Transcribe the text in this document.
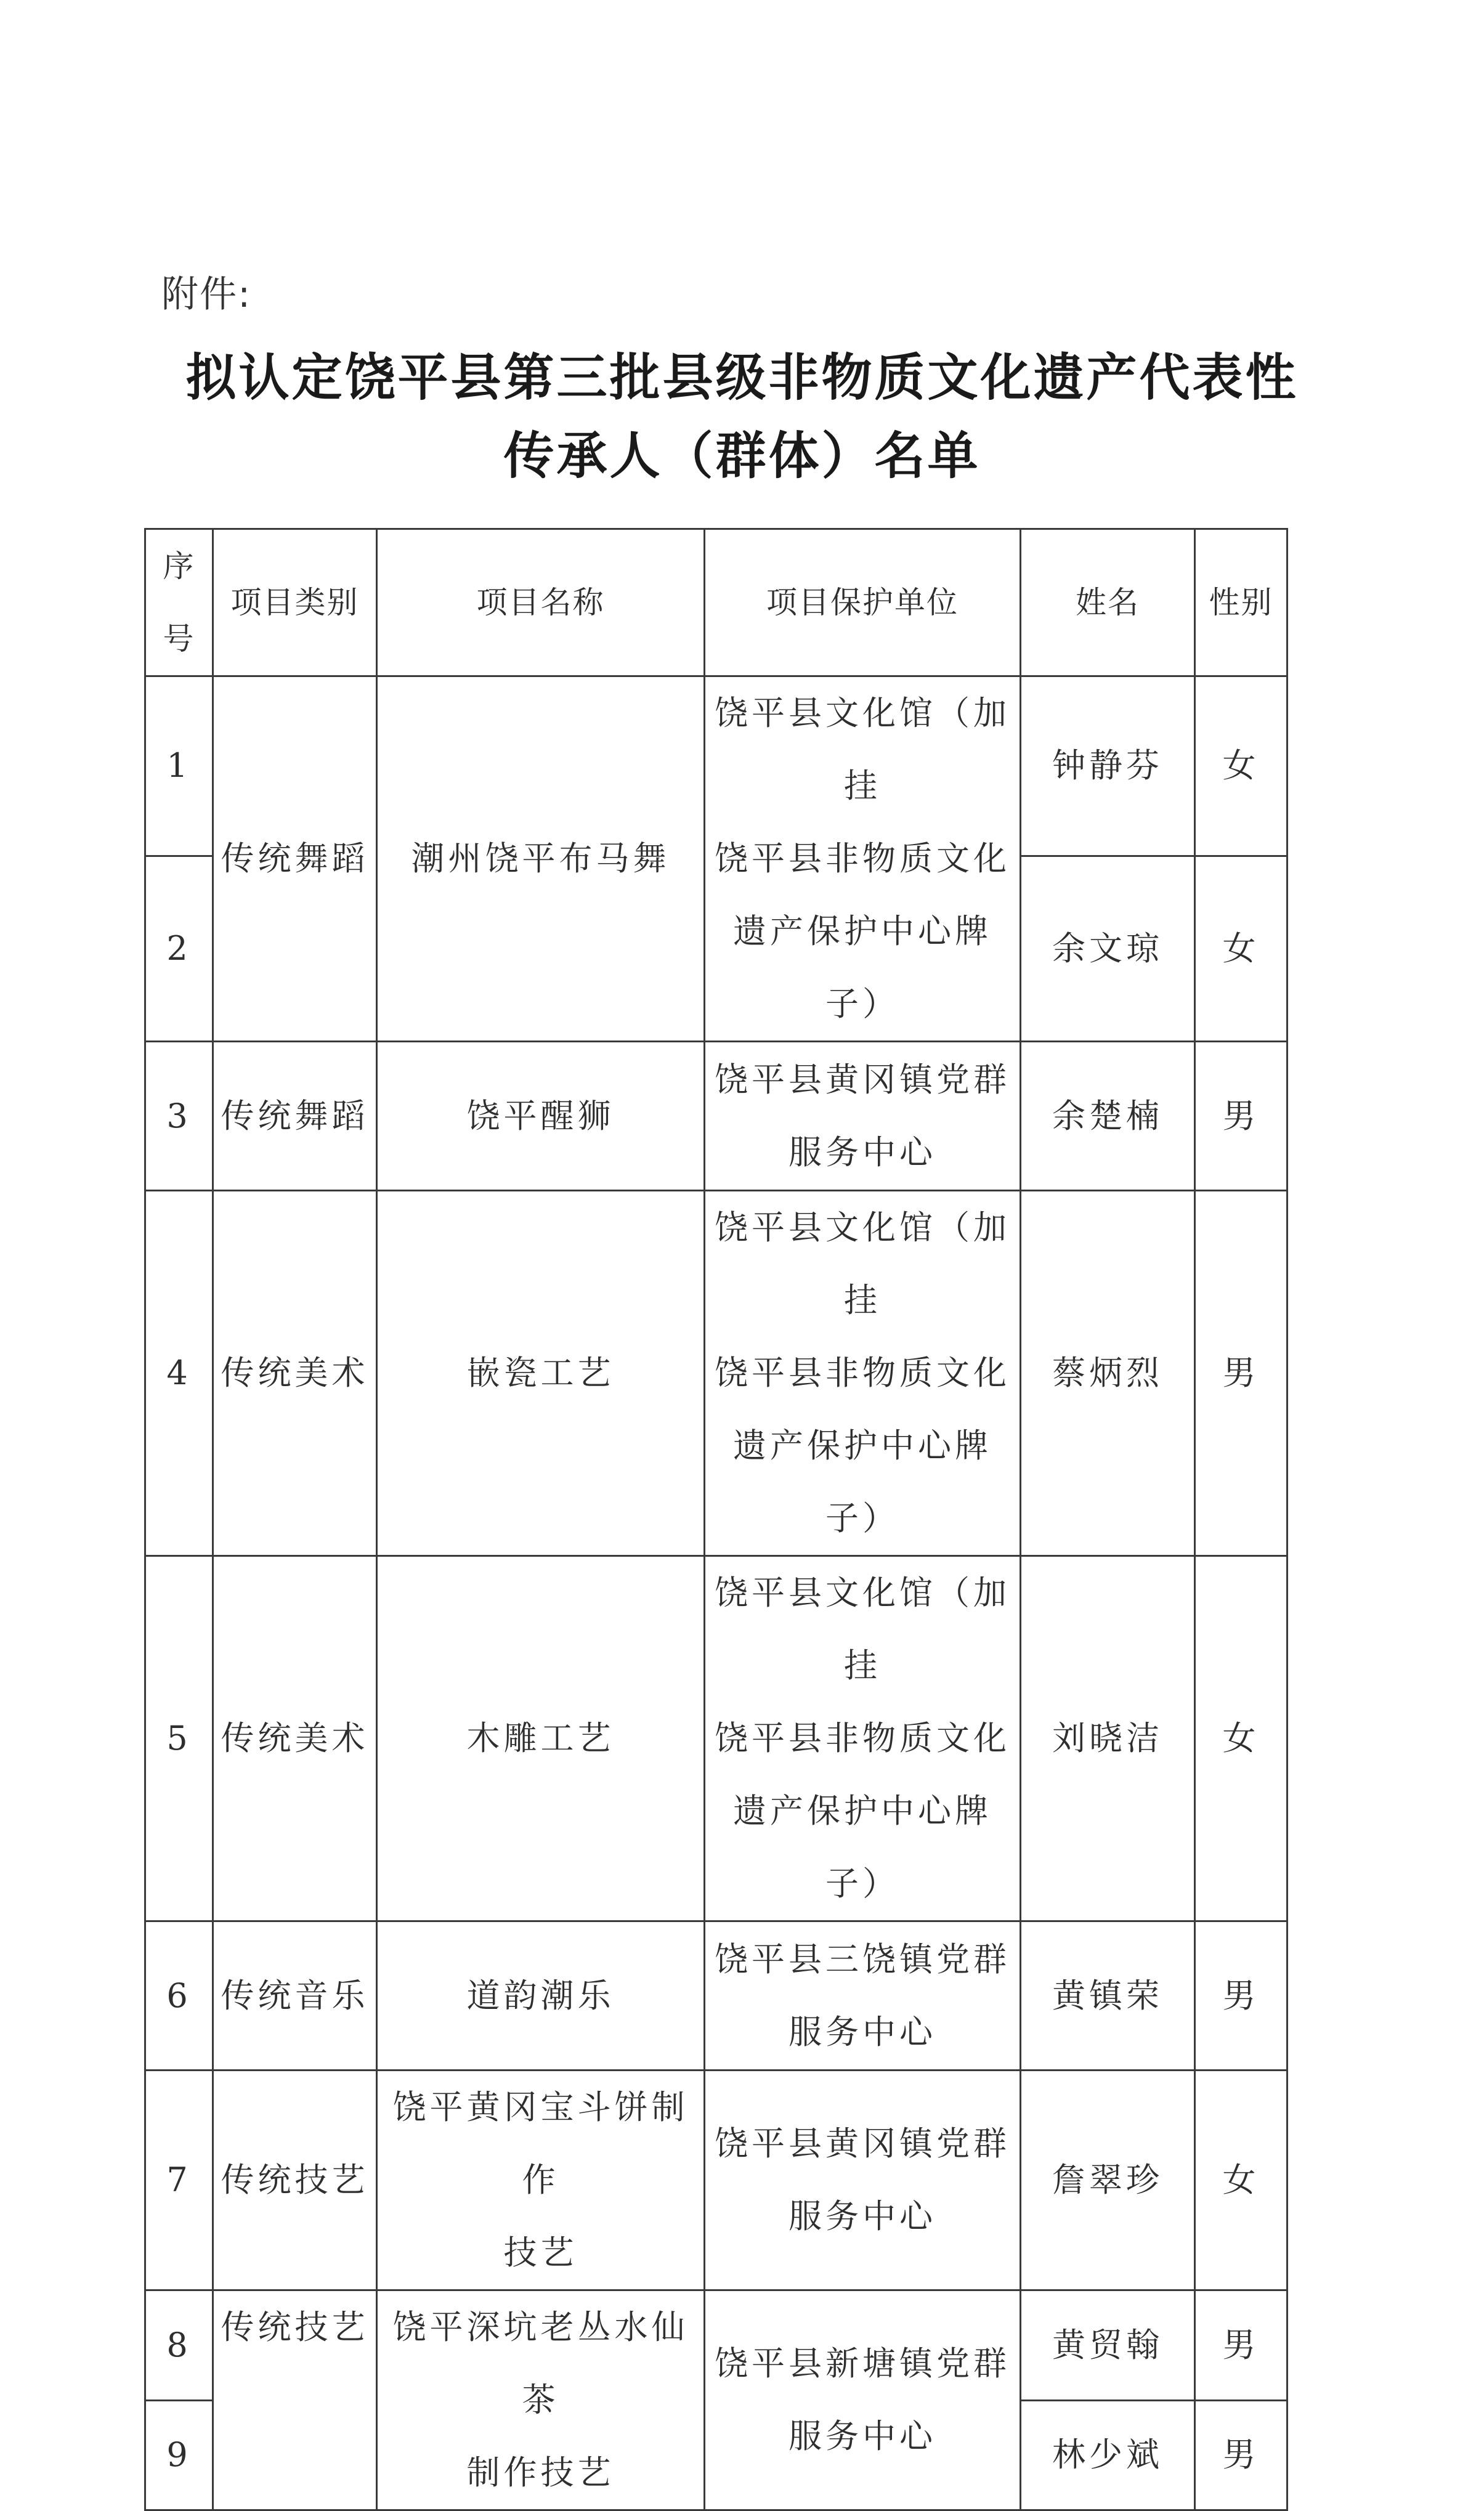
附件:
拟认定饶平县第三批县级非物质文化遗产代表性
传承人（群体）名单
序号	项目类别	项目名称	项目保护单位	姓名	性别
1	传统舞蹈	潮州饶平布马舞	饶平县文化馆（加挂
饶平县非物质文化
遗产保护中心牌子）	钟静芬	女
2				余文琼	女
3	传统舞蹈	饶平醒狮	饶平县黄冈镇党群
服务中心	余楚楠	男
4	传统美术	嵌瓷工艺	饶平县文化馆（加挂
饶平县非物质文化
遗产保护中心牌子）	蔡炳烈	男
5	传统美术	木雕工艺	饶平县文化馆（加挂
饶平县非物质文化
遗产保护中心牌子）	刘晓洁	女
6	传统音乐	道韵潮乐	饶平县三饶镇党群
服务中心	黄镇荣	男
7	传统技艺	饶平黄冈宝斗饼制作
技艺	饶平县黄冈镇党群
服务中心	詹翠珍	女
8	传统技艺	饶平深坑老丛水仙茶
制作技艺	饶平县新塘镇党群
服务中心	黄贸翰	男
9				林少斌	男
